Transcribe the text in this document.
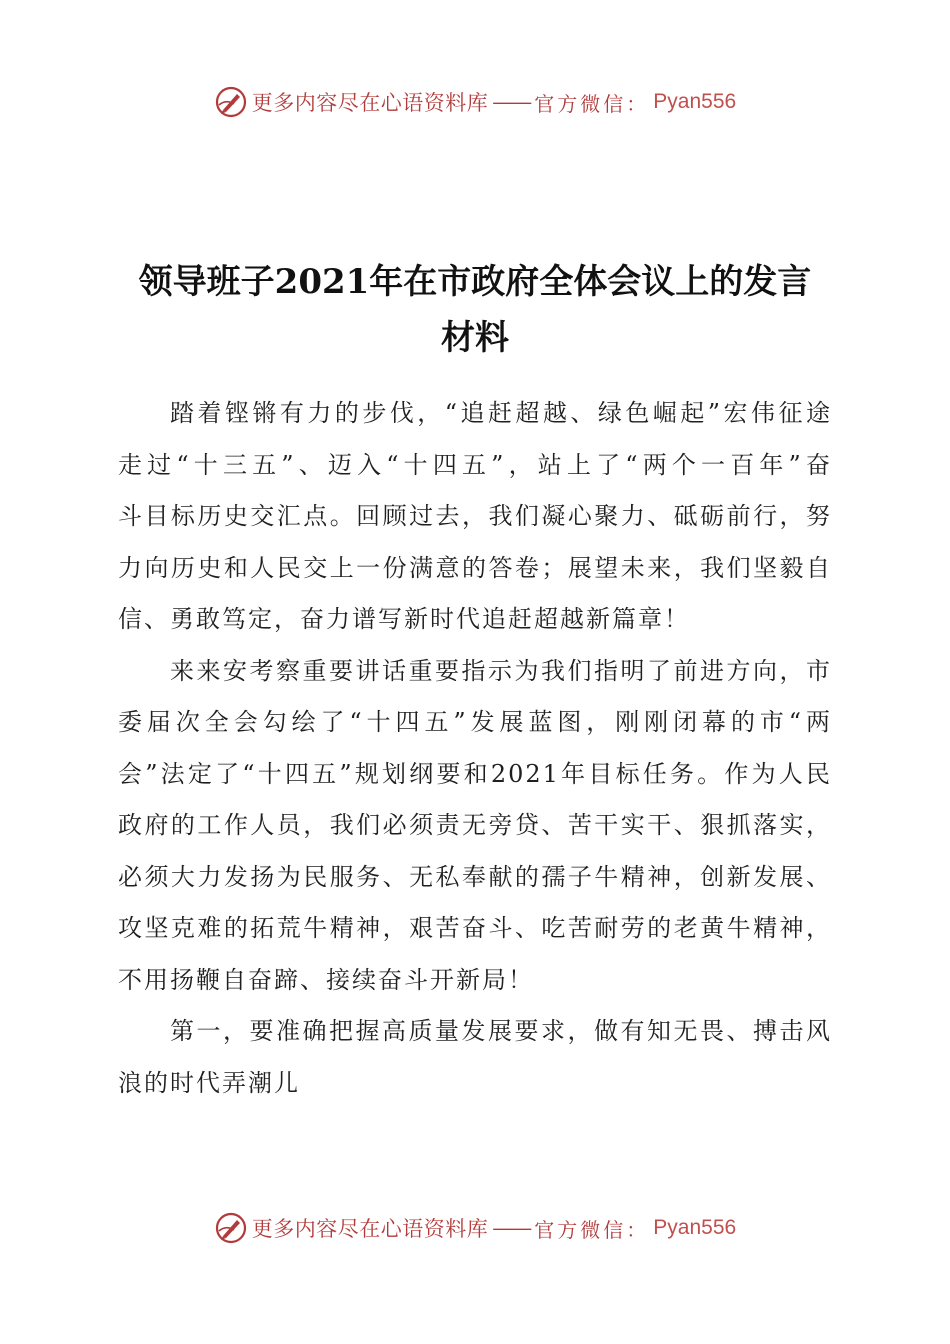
更多内容尽在心语资料库 —— 官方微信： Pyan556
领导班子2021年在市政府全体会议上的发言
材料

踏着铿锵有力的步伐，“追赶超越、绿色崛起”宏伟征途
走过“十三五”、迈入“十四五”，站上了“两个一百年”奋
斗目标历史交汇点。回顾过去，我们凝心聚力、砥砺前行，努
力向历史和人民交上一份满意的答卷；展望未来，我们坚毅自
信、勇敢笃定，奋力谱写新时代追赶超越新篇章！

来来安考察重要讲话重要指示为我们指明了前进方向，市
委届次全会勾绘了“十四五”发展蓝图，刚刚闭幕的市“两
会”法定了“十四五”规划纲要和2021年目标任务。作为人民
政府的工作人员，我们必须责无旁贷、苦干实干、狠抓落实，
必须大力发扬为民服务、无私奉献的孺子牛精神，创新发展、
攻坚克难的拓荒牛精神，艰苦奋斗、吃苦耐劳的老黄牛精神，
不用扬鞭自奋蹄、接续奋斗开新局！

第一，要准确把握高质量发展要求，做有知无畏、搏击风
浪的时代弄潮儿

更多内容尽在心语资料库 —— 官方微信： Pyan556
